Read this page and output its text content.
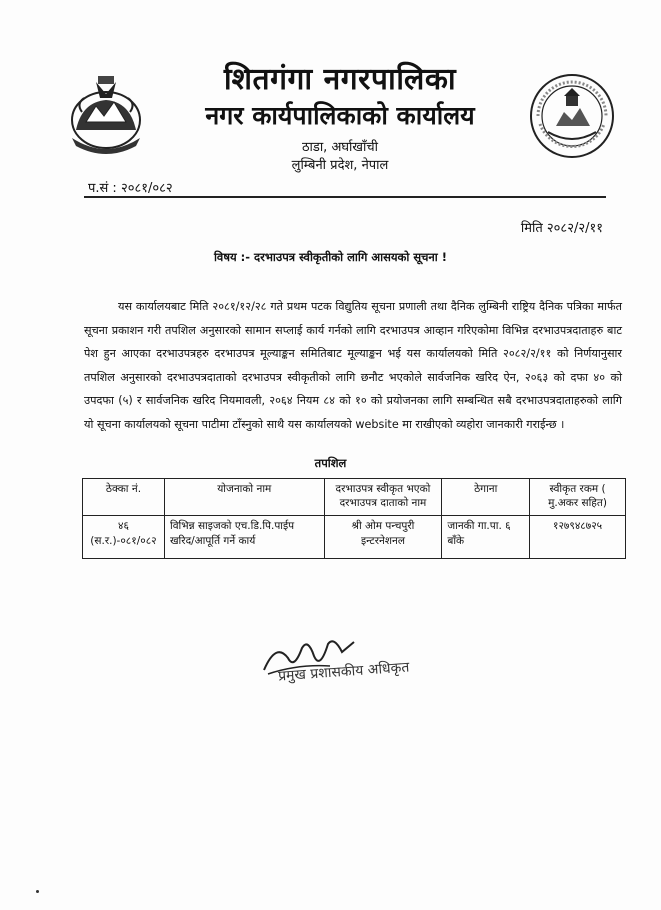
शितगंगा नगरपालिका
नगर कार्यपालिकाको कार्यालय
ठाडा, अर्घाखाँची
लुम्बिनी प्रदेश, नेपाल
प.सं : २०८१/०८२
मिति २०८२/२/११
विषय :- दरभाउपत्र स्वीकृतीको लागि आसयको सूचना !

यस कार्यालयबाट मिति २०८१/१२/२८ गते प्रथम पटक विद्युतिय सूचना प्रणाली तथा दैनिक लुम्बिनी राष्ट्रिय दैनिक पत्रिका मार्फत सूचना प्रकाशन गरी तपशिल अनुसारको सामान सप्लाई कार्य गर्नको लागि दरभाउपत्र आव्हान गरिएकोमा विभिन्न दरभाउपत्रदाताहरु बाट पेश हुन आएका दरभाउपत्रहरु दरभाउपत्र मूल्याङ्कन समितिबाट मूल्याङ्कन भई यस कार्यालयको मिति २०८२/२/११ को निर्णयानुसार तपशिल अनुसारको दरभाउपत्रदाताको दरभाउपत्र स्वीकृतीको लागि छनौट भएकोले सार्वजनिक खरिद ऐन, २०६३ को दफा ४० को उपदफा (५) र सार्वजनिक खरिद नियमावली, २०६४ नियम ८४ को १० को प्रयोजनका लागि सम्बन्धित सबै दरभाउपत्रदाताहरुको लागि यो सूचना कार्यालयको सूचना पाटीमा टाँस्नुको साथै यस कार्यालयको website मा राखीएको व्यहोरा जानकारी गराईन्छ ।

तपशिल
ठेक्का नं.	योजनाको नाम	दरभाउपत्र स्वीकृत भएको दरभाउपत्र दाताको नाम	ठेगाना	स्वीकृत रकम ( मु.अकर सहित)
४६ (स.र.)-०८१/०८२	विभिन्न साइजको एच.डि.पि.पाईप खरिद/आपूर्ति गर्ने कार्य	श्री ओम पन्चपुरी इन्टरनेशनल	जानकी गा.पा. ६ बाँके	१२७९४८७२५
प्रमुख प्रशासकीय अधिकृत
